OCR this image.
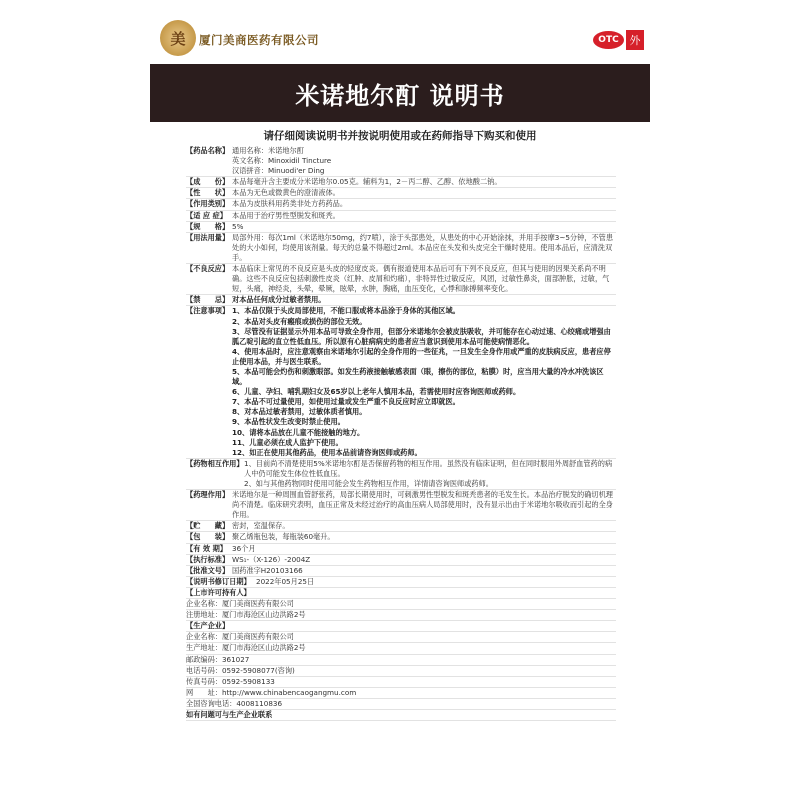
美	厦门美商医药有限公司	OTC 外
米诺地尔酊 说明书
请仔细阅读说明书并按说明使用或在药师指导下购买和使用
【药品名称】 通用名称：米诺地尔酊
英文名称：Minoxidil Tincture
汉语拼音：Minuodi'er Ding
【成　　份】 本品每毫升含主要成分米诺地尔0.05克。辅料为1，2－丙二醇、乙醇、依地酸二钠。
【性　　状】 本品为无色或微黄色的澄清液体。
【作用类别】 本品为皮肤科用药类非处方药药品。
【适 应 症】 本品用于治疗男性型脱发和斑秃。
【规　　格】 5%
【用法用量】 局部外用：每次1ml（米诺地尔50mg，约7喷），涂于头部患处，从患处的中心开始涂抹，并用手按摩3~5分钟，不管患处的大小如何，均使用该剂量。每天的总量不得超过2ml。本品应在头发和头皮完全干燥时使用。使用本品后，应清洗双手。
【不良反应】 本品临床上常见的不良反应是头皮的轻度皮炎。偶有报道使用本品后可有下列不良反应，但其与使用的因果关系尚不明确。这些不良反应包括刺激性皮炎（红肿、皮屑和灼痛），非特异性过敏反应，风团，过敏性鼻炎，面部肿胀，过敏，气短，头痛，神经炎，头晕，晕厥，眩晕，水肿，胸痛，血压变化，心悸和脉搏频率变化。
【禁　　忌】 对本品任何成分过敏者禁用。
【注意事项】 1、本品仅限于头皮局部使用，不能口服或将本品涂于身体的其他区域。
2、本品对头皮有瘢痕或损伤的部位无效。
3、尽管没有证据显示外用本品可导致全身作用，但部分米诺地尔会被皮肤吸收，并可能存在心动过速、心绞痛或增强由胍乙啶引起的直立性低血压。所以原有心脏病病史的患者应当意识到使用本品可能使病情恶化。
4、使用本品时，应注意观察由米诺地尔引起的全身作用的一些征兆，一旦发生全身作用或严重的皮肤病反应，患者应停止使用本品，并与医生联系。
5、本品可能会灼伤和刺激眼部。如发生药液接触敏感表面（眼，擦伤的部位，粘膜）时，应当用大量的冷水冲洗该区域。
6、儿童、孕妇、哺乳期妇女及65岁以上老年人慎用本品，若需使用时应咨询医师或药师。
7、本品不可过量使用，如使用过量或发生严重不良反应时应立即就医。
8、对本品过敏者禁用，过敏体质者慎用。
9、本品性状发生改变时禁止使用。
10、请将本品放在儿童不能接触的地方。
11、儿童必须在成人监护下使用。
12、如正在使用其他药品，使用本品前请咨询医师或药师。
【药物相互作用】 1、目前尚不清楚使用5%米诺地尔酊是否保留药物的相互作用。虽然没有临床证明，但在同时服用外周舒血管药的病人中仍可能发生体位性低血压。
2、如与其他药物同时使用可能会发生药物相互作用，详情请咨询医师或药师。
【药理作用】 米诺地尔是一种周围血管舒张药，局部长期使用时，可刺激男性型脱发和斑秃患者的毛发生长。本品治疗脱发的确切机理尚不清楚。临床研究表明，血压正常及未经过治疗的高血压病人局部使用时，没有显示出由于米诺地尔吸收而引起的全身作用。
【贮　　藏】 密封，室温保存。
【包　　装】 聚乙烯瓶包装，每瓶装60毫升。
【有 效 期】 36个月
【执行标准】 WS₁-（X-126）-2004Z
【批准文号】 国药准字H20103166
【说明书修订日期】 2022年05月25日
【上市许可持有人】
企业名称：厦门美商医药有限公司
注册地址：厦门市海沧区山边洪路2号
【生产企业】
企业名称：厦门美商医药有限公司
生产地址：厦门市海沧区山边洪路2号
邮政编码：361027
电话号码：0592-5908077(咨询)
传真号码：0592-5908133
网　　址：http://www.chinabencaogangmu.com
全国咨询电话：4008110836
如有问题可与生产企业联系
